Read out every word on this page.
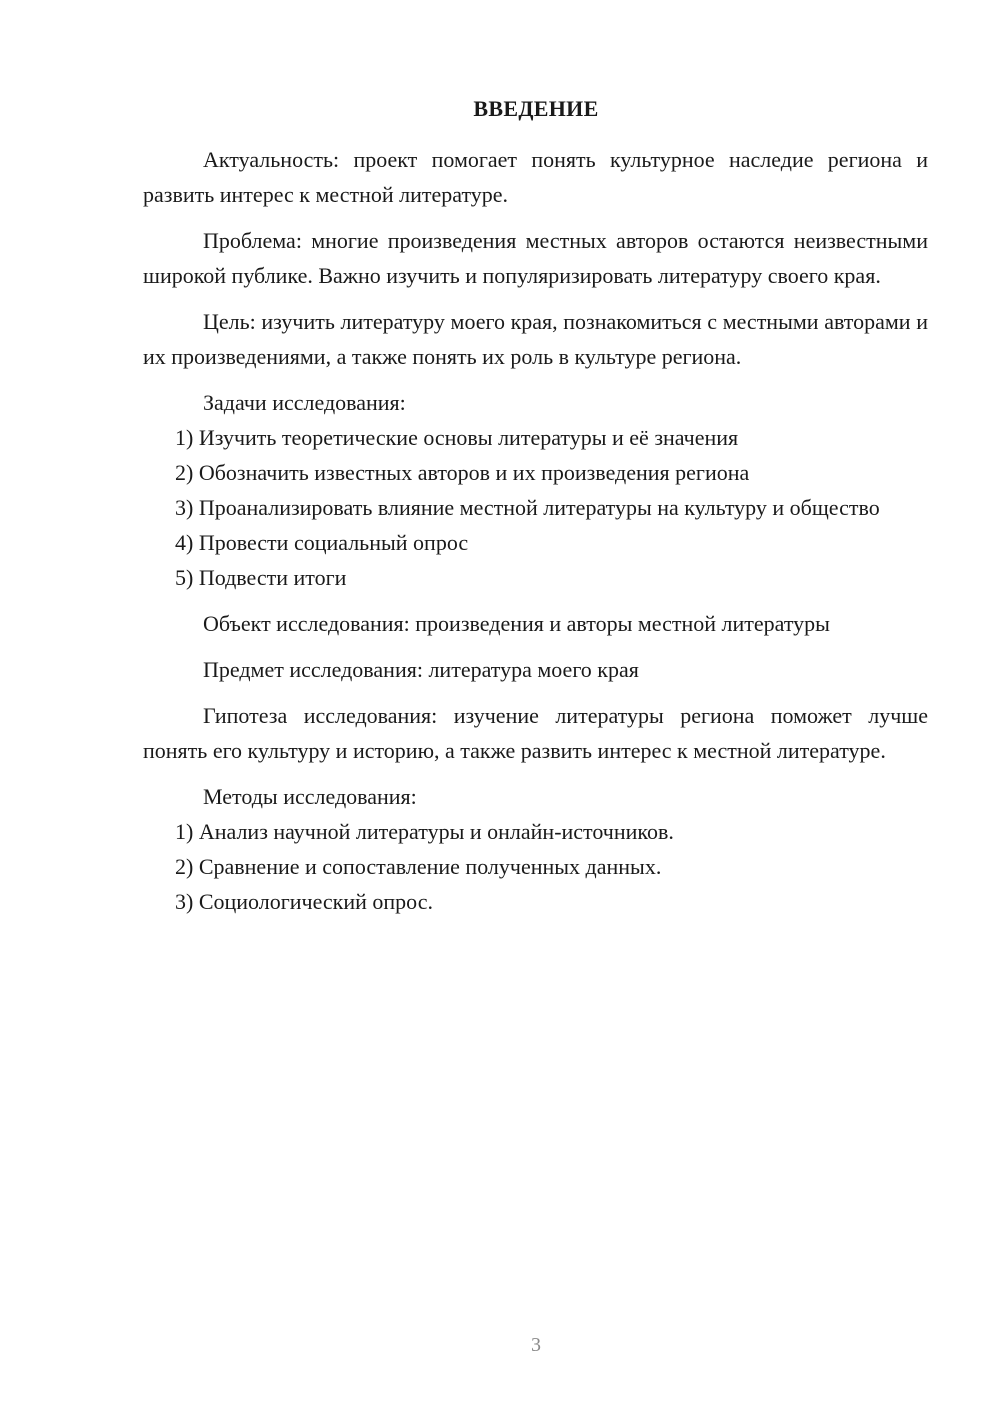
ВВЕДЕНИЕ

Актуальность: проект помогает понять культурное наследие региона и развить интерес к местной литературе.

Проблема: многие произведения местных авторов остаются неизвестными широкой публике. Важно изучить и популяризировать литературу своего края.

Цель: изучить литературу моего края, познакомиться с местными авторами и их произведениями, а также понять их роль в культуре региона.

Задачи исследования:

1) Изучить теоретические основы литературы и её значения

2) Обозначить известных авторов и их произведения региона

3) Проанализировать влияние местной литературы на культуру и общество

4) Провести социальный опрос

5) Подвести итоги

Объект исследования: произведения и авторы местной литературы

Предмет исследования: литература моего края

Гипотеза исследования: изучение литературы региона поможет лучше понять его культуру и историю, а также развить интерес к местной литературе.

Методы исследования:

1) Анализ научной литературы и онлайн-источников.

2) Сравнение и сопоставление полученных данных.

3) Социологический опрос.

3
